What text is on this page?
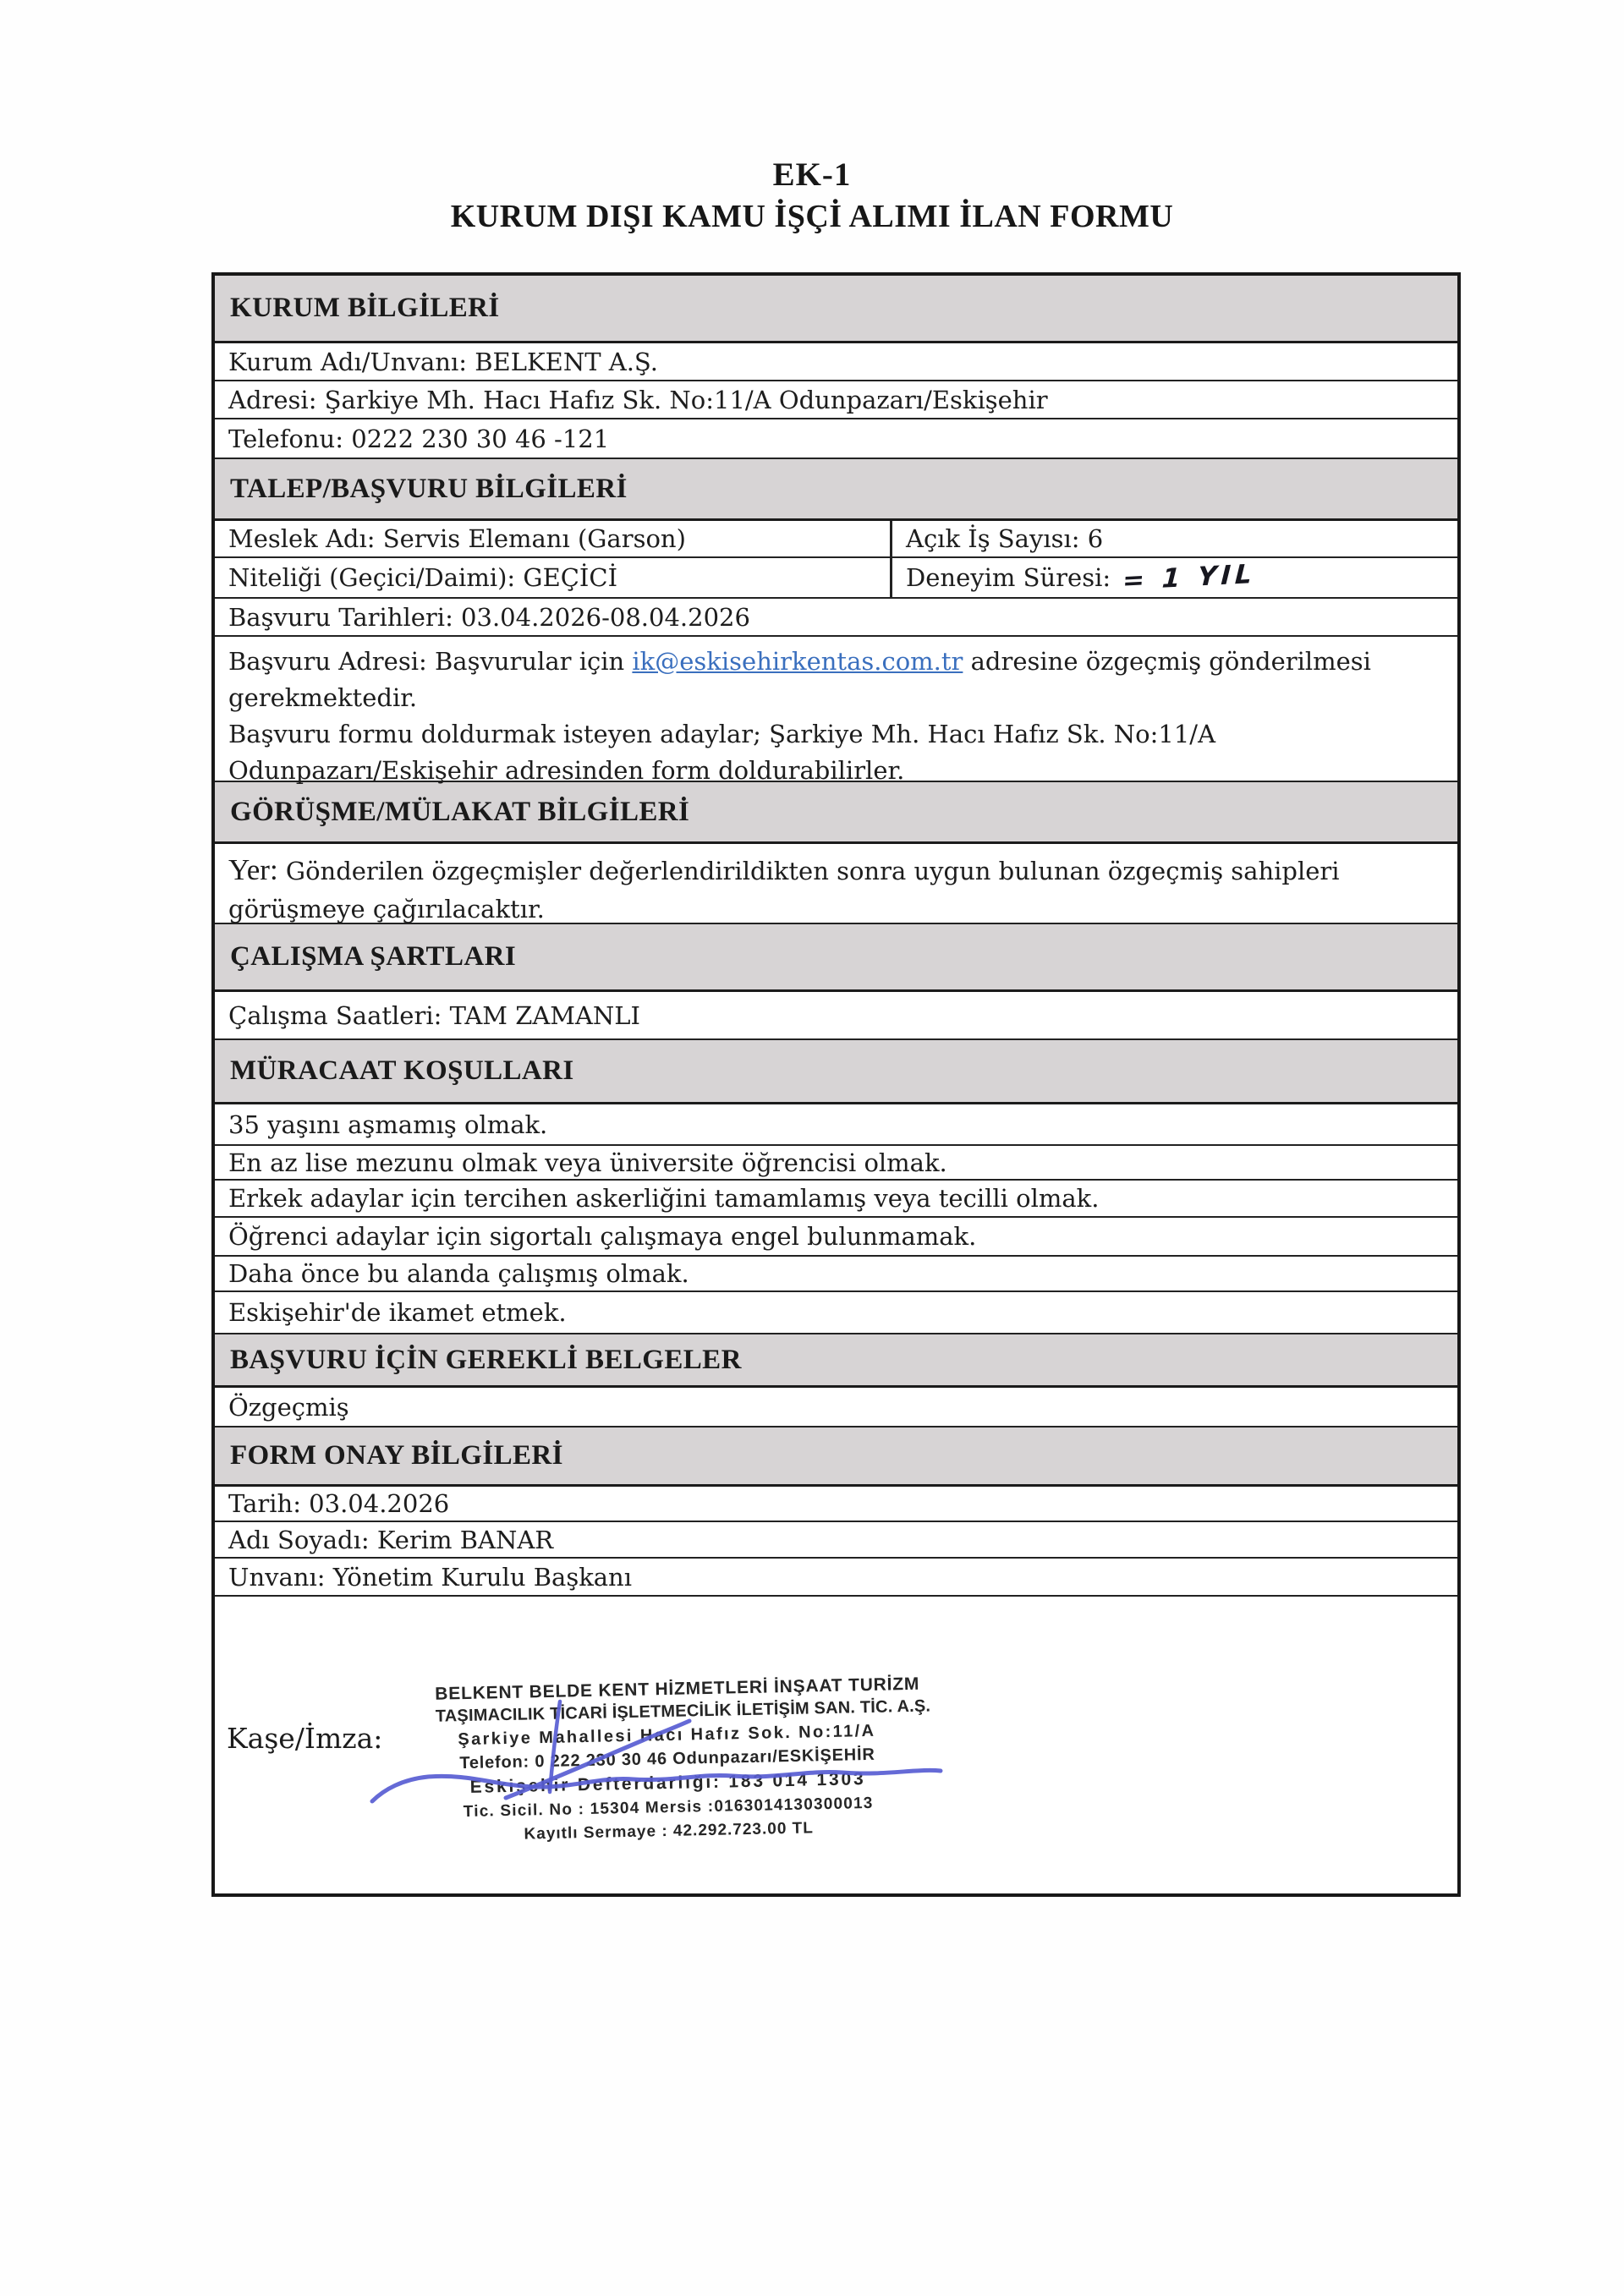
EK-1
KURUM DIŞI KAMU İŞÇİ ALIMI İLAN FORMU
KURUM BİLGİLERİ
Kurum Adı/Unvanı: BELKENT A.Ş.
Adresi: Şarkiye Mh. Hacı Hafız Sk. No:11/A Odunpazarı/Eskişehir
Telefonu: 0222 230 30 46 -121
TALEP/BAŞVURU BİLGİLERİ
Meslek Adı: Servis Elemanı (Garson)	Açık İş Sayısı: 6
Niteliği (Geçici/Daimi): GEÇİCİ	Deneyim Süresi: = 1 YIL
Başvuru Tarihleri: 03.04.2026-08.04.2026
Başvuru Adresi: Başvurular için ik@eskisehirkentas.com.tr adresine özgeçmiş gönderilmesi gerekmektedir.
Başvuru formu doldurmak isteyen adaylar; Şarkiye Mh. Hacı Hafız Sk. No:11/A Odunpazarı/Eskişehir adresinden form doldurabilirler.
GÖRÜŞME/MÜLAKAT BİLGİLERİ
Yer: Gönderilen özgeçmişler değerlendirildikten sonra uygun bulunan özgeçmiş sahipleri görüşmeye çağırılacaktır.
ÇALIŞMA ŞARTLARI
Çalışma Saatleri: TAM ZAMANLI
MÜRACAAT KOŞULLARI
35 yaşını aşmamış olmak.
En az lise mezunu olmak veya üniversite öğrencisi olmak.
Erkek adaylar için tercihen askerliğini tamamlamış veya tecilli olmak.
Öğrenci adaylar için sigortalı çalışmaya engel bulunmamak.
Daha önce bu alanda çalışmış olmak.
Eskişehir'de ikamet etmek.
BAŞVURU İÇİN GEREKLİ BELGELER
Özgeçmiş
FORM ONAY BİLGİLERİ
Tarih: 03.04.2026
Adı Soyadı: Kerim BANAR
Unvanı: Yönetim Kurulu Başkanı
Kaşe/İmza:
BELKENT BELDE KENT HİZMETLERİ İNŞAAT TURİZM
TAŞIMACILIK TİCARİ İŞLETMECİLİK İLETİŞİM SAN. TİC. A.Ş.
Şarkiye Mahallesi Hacı Hafız Sok. No:11/A
Telefon: 0 222 230 30 46 Odunpazarı/ESKİŞEHİR
Eskişehir Defterdarlığı: 183 014 1303
Tic. Sicil. No : 15304 Mersis :0163014130300013
Kayıtlı Sermaye : 42.292.723.00 TL
